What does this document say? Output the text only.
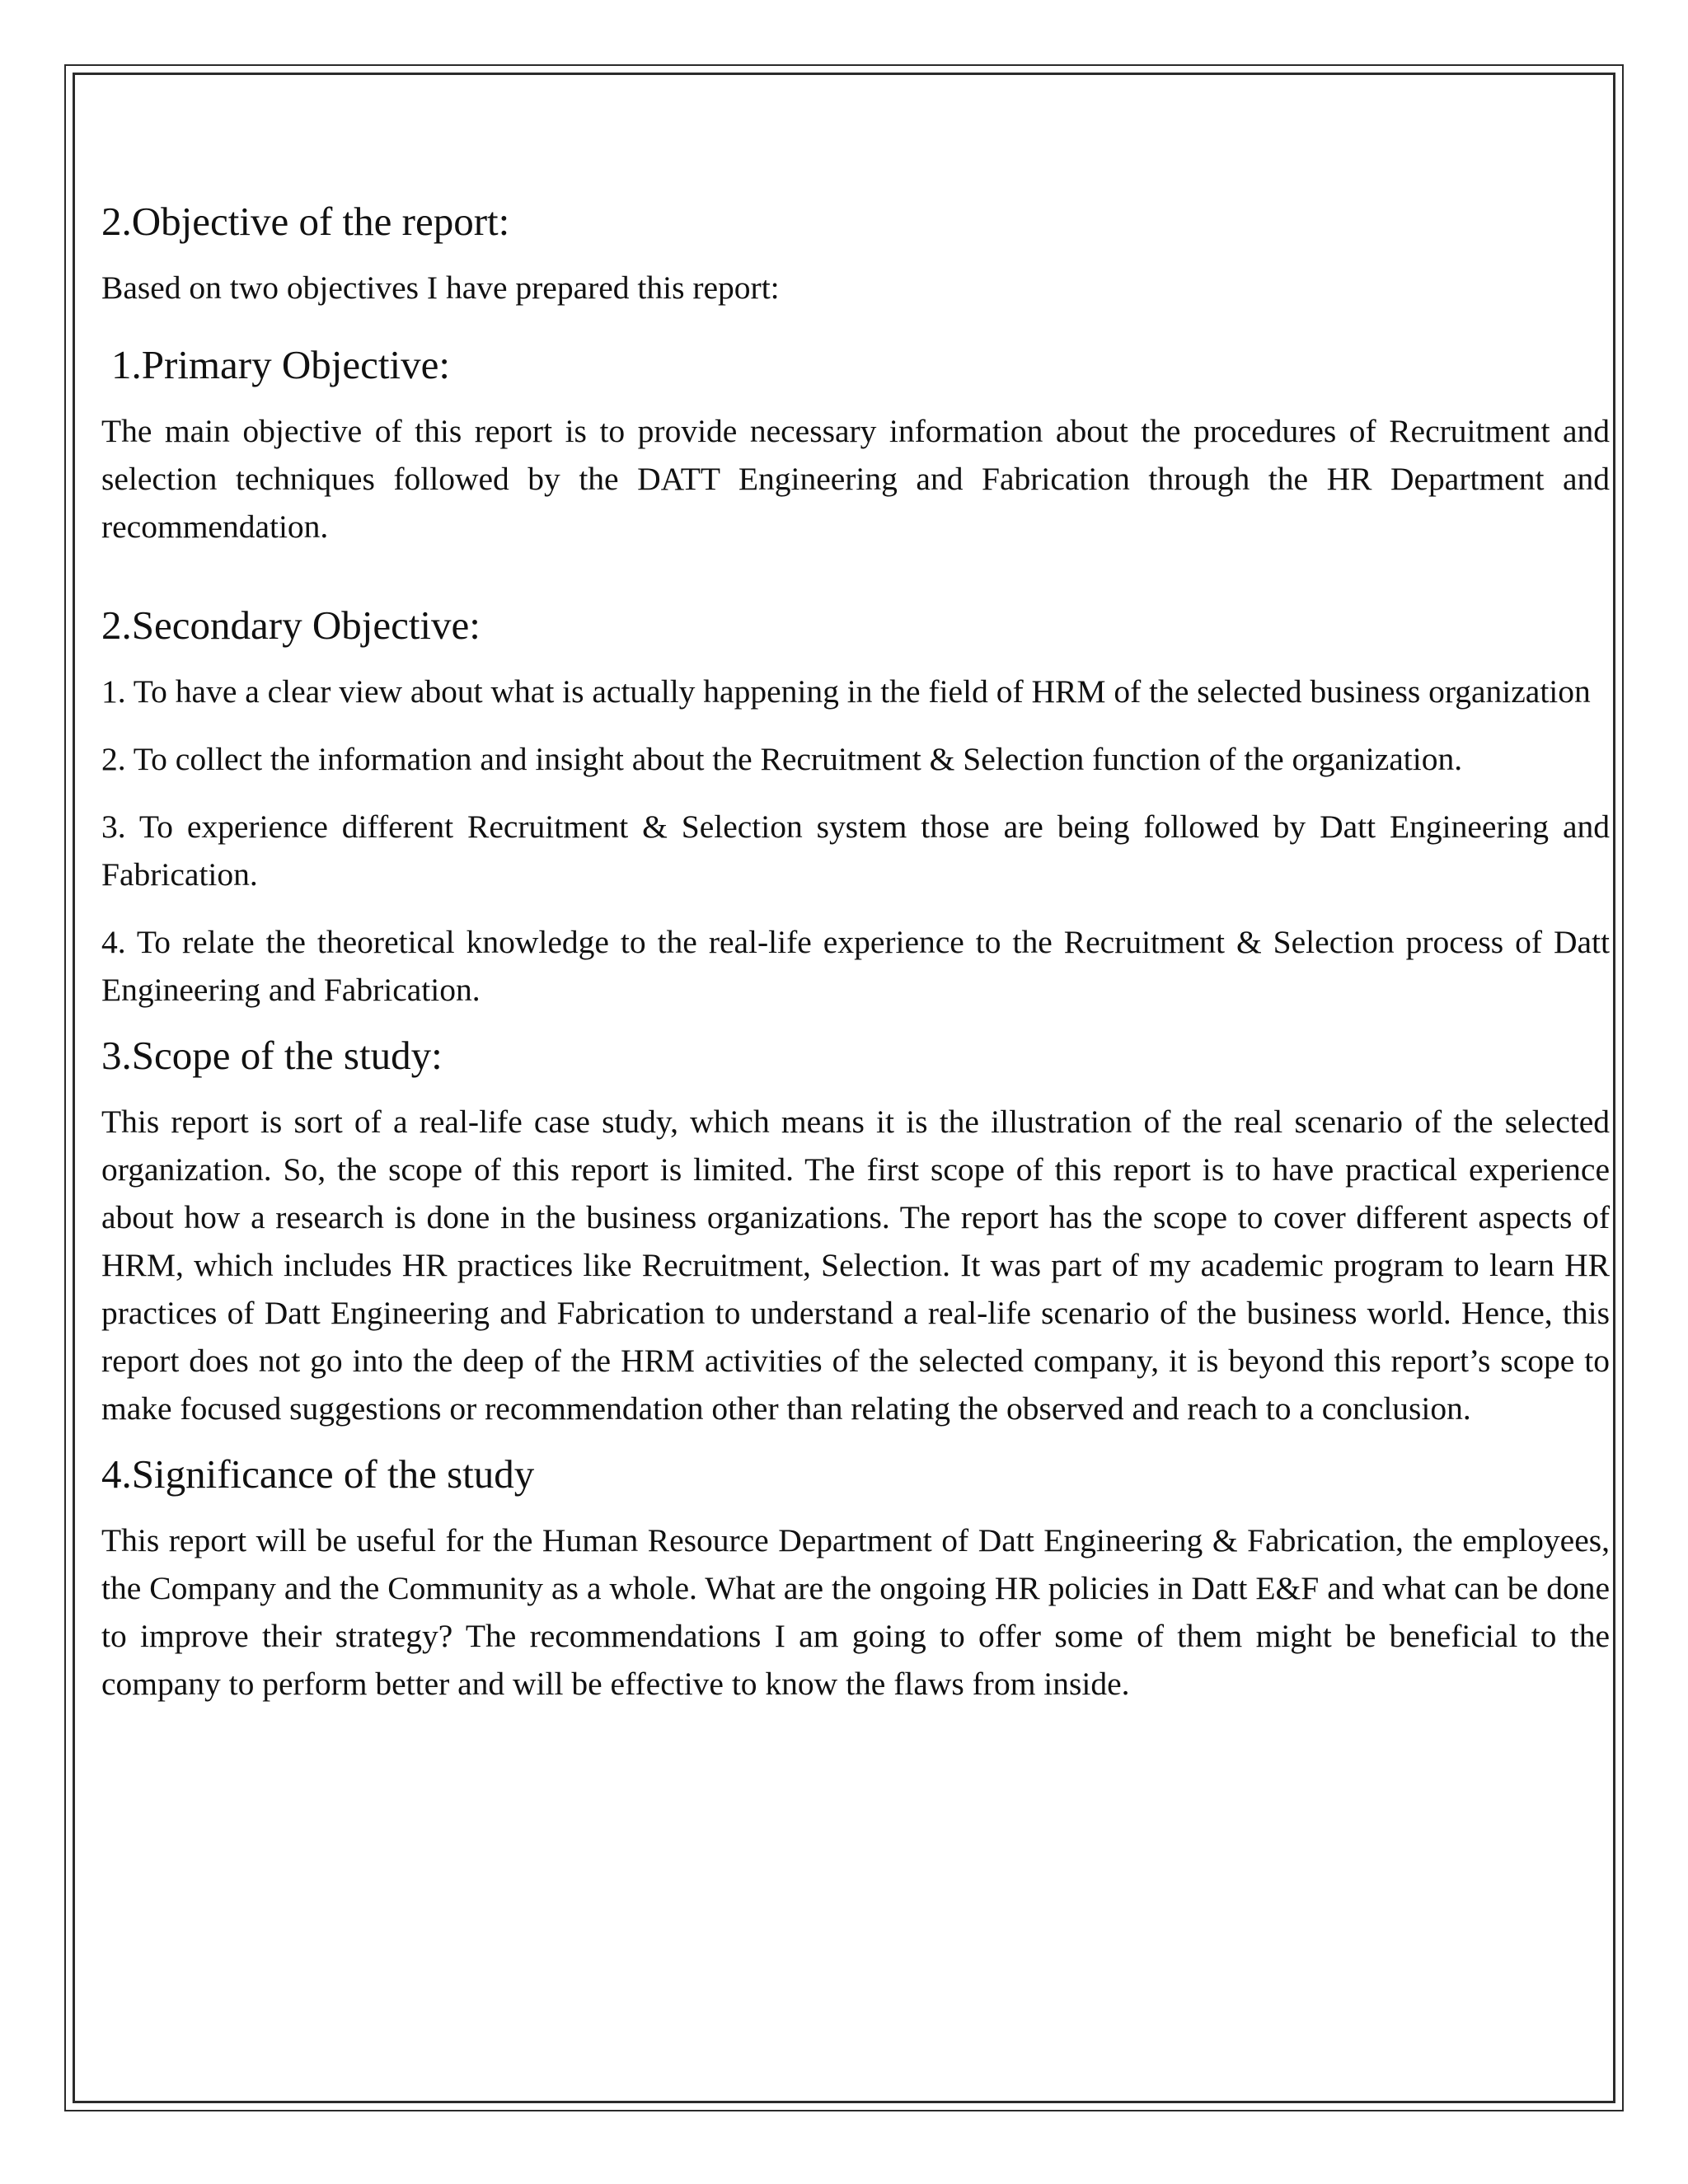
2.Objective of the report:

Based on two objectives I have prepared this report:

1.Primary Objective:

The main objective of this report is to provide necessary information about the procedures of Recruitment and selection techniques followed by the DATT Engineering and Fabrication through the HR Department and recommendation.

2.Secondary Objective:

1. To have a clear view about what is actually happening in the field of HRM of the selected business organization

2. To collect the information and insight about the Recruitment & Selection function of the organization.

3. To experience different Recruitment & Selection system those are being followed by Datt Engineering and Fabrication.

4. To relate the theoretical knowledge to the real-life experience to the Recruitment & Selection process of Datt Engineering and Fabrication.

3.Scope of the study:

This report is sort of a real-life case study, which means it is the illustration of the real scenario of the selected organization. So, the scope of this report is limited. The first scope of this report is to have practical experience about how a research is done in the business organizations. The report has the scope to cover different aspects of HRM, which includes HR practices like Recruitment, Selection. It was part of my academic program to learn HR practices of Datt Engineering and Fabrication to understand a real-life scenario of the business world. Hence, this report does not go into the deep of the HRM activities of the selected company, it is beyond this report’s scope to make focused suggestions or recommendation other than relating the observed and reach to a conclusion.

4.Significance of the study

This report will be useful for the Human Resource Department of Datt Engineering & Fabrication, the employees, the Company and the Community as a whole. What are the ongoing HR policies in Datt E&F and what can be done to improve their strategy? The recommendations I am going to offer some of them might be beneficial to the company to perform better and will be effective to know the flaws from inside.
